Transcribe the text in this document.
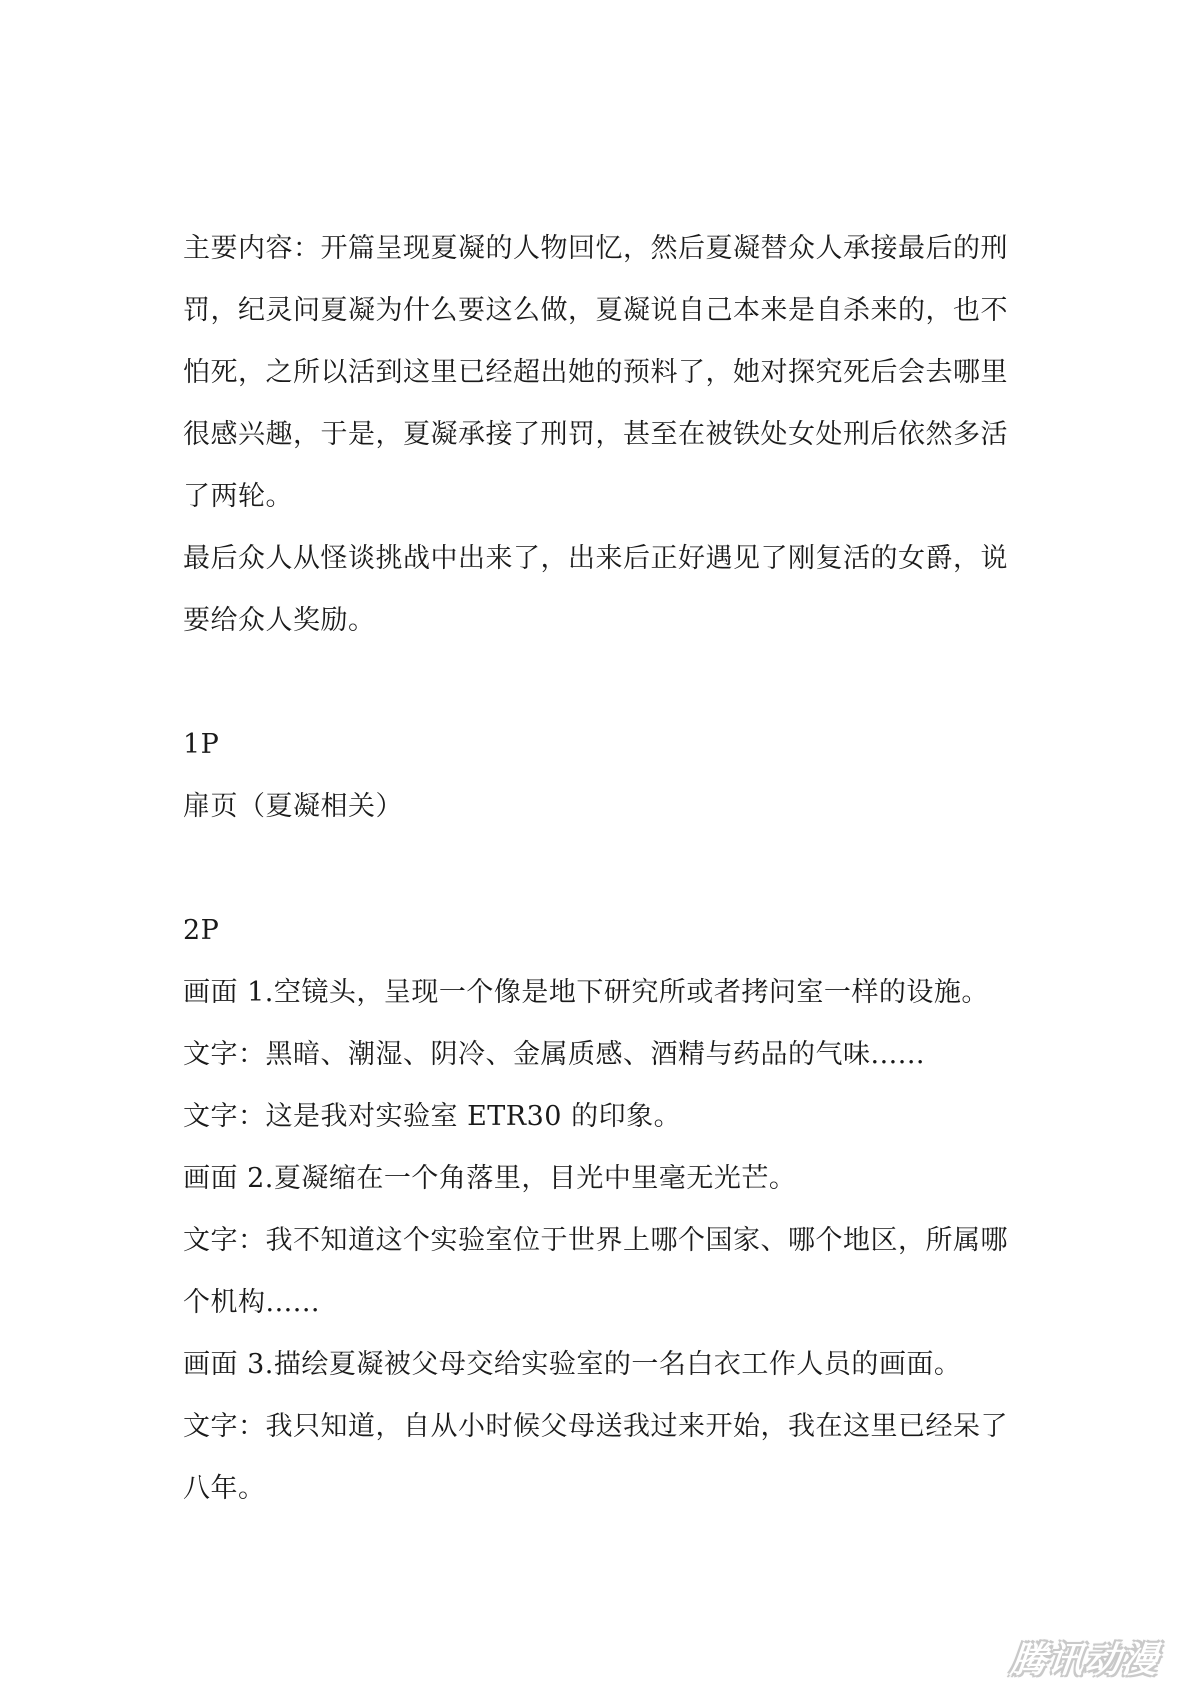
主要内容：开篇呈现夏凝的人物回忆，然后夏凝替众人承接最后的刑
罚，纪灵问夏凝为什么要这么做，夏凝说自己本来是自杀来的，也不
怕死，之所以活到这里已经超出她的预料了，她对探究死后会去哪里
很感兴趣，于是，夏凝承接了刑罚，甚至在被铁处女处刑后依然多活
了两轮。
最后众人从怪谈挑战中出来了，出来后正好遇见了刚复活的女爵，说
要给众人奖励。
1P
扉页（夏凝相关）
2P
画面 1.空镜头，呈现一个像是地下研究所或者拷问室一样的设施。
文字：黑暗、潮湿、阴冷、金属质感、酒精与药品的气味......
文字：这是我对实验室 ETR30 的印象。
画面 2.夏凝缩在一个角落里，目光中里毫无光芒。
文字：我不知道这个实验室位于世界上哪个国家、哪个地区，所属哪
个机构......
画面 3.描绘夏凝被父母交给实验室的一名白衣工作人员的画面。
文字：我只知道，自从小时候父母送我过来开始，我在这里已经呆了
八年。
腾讯动漫
